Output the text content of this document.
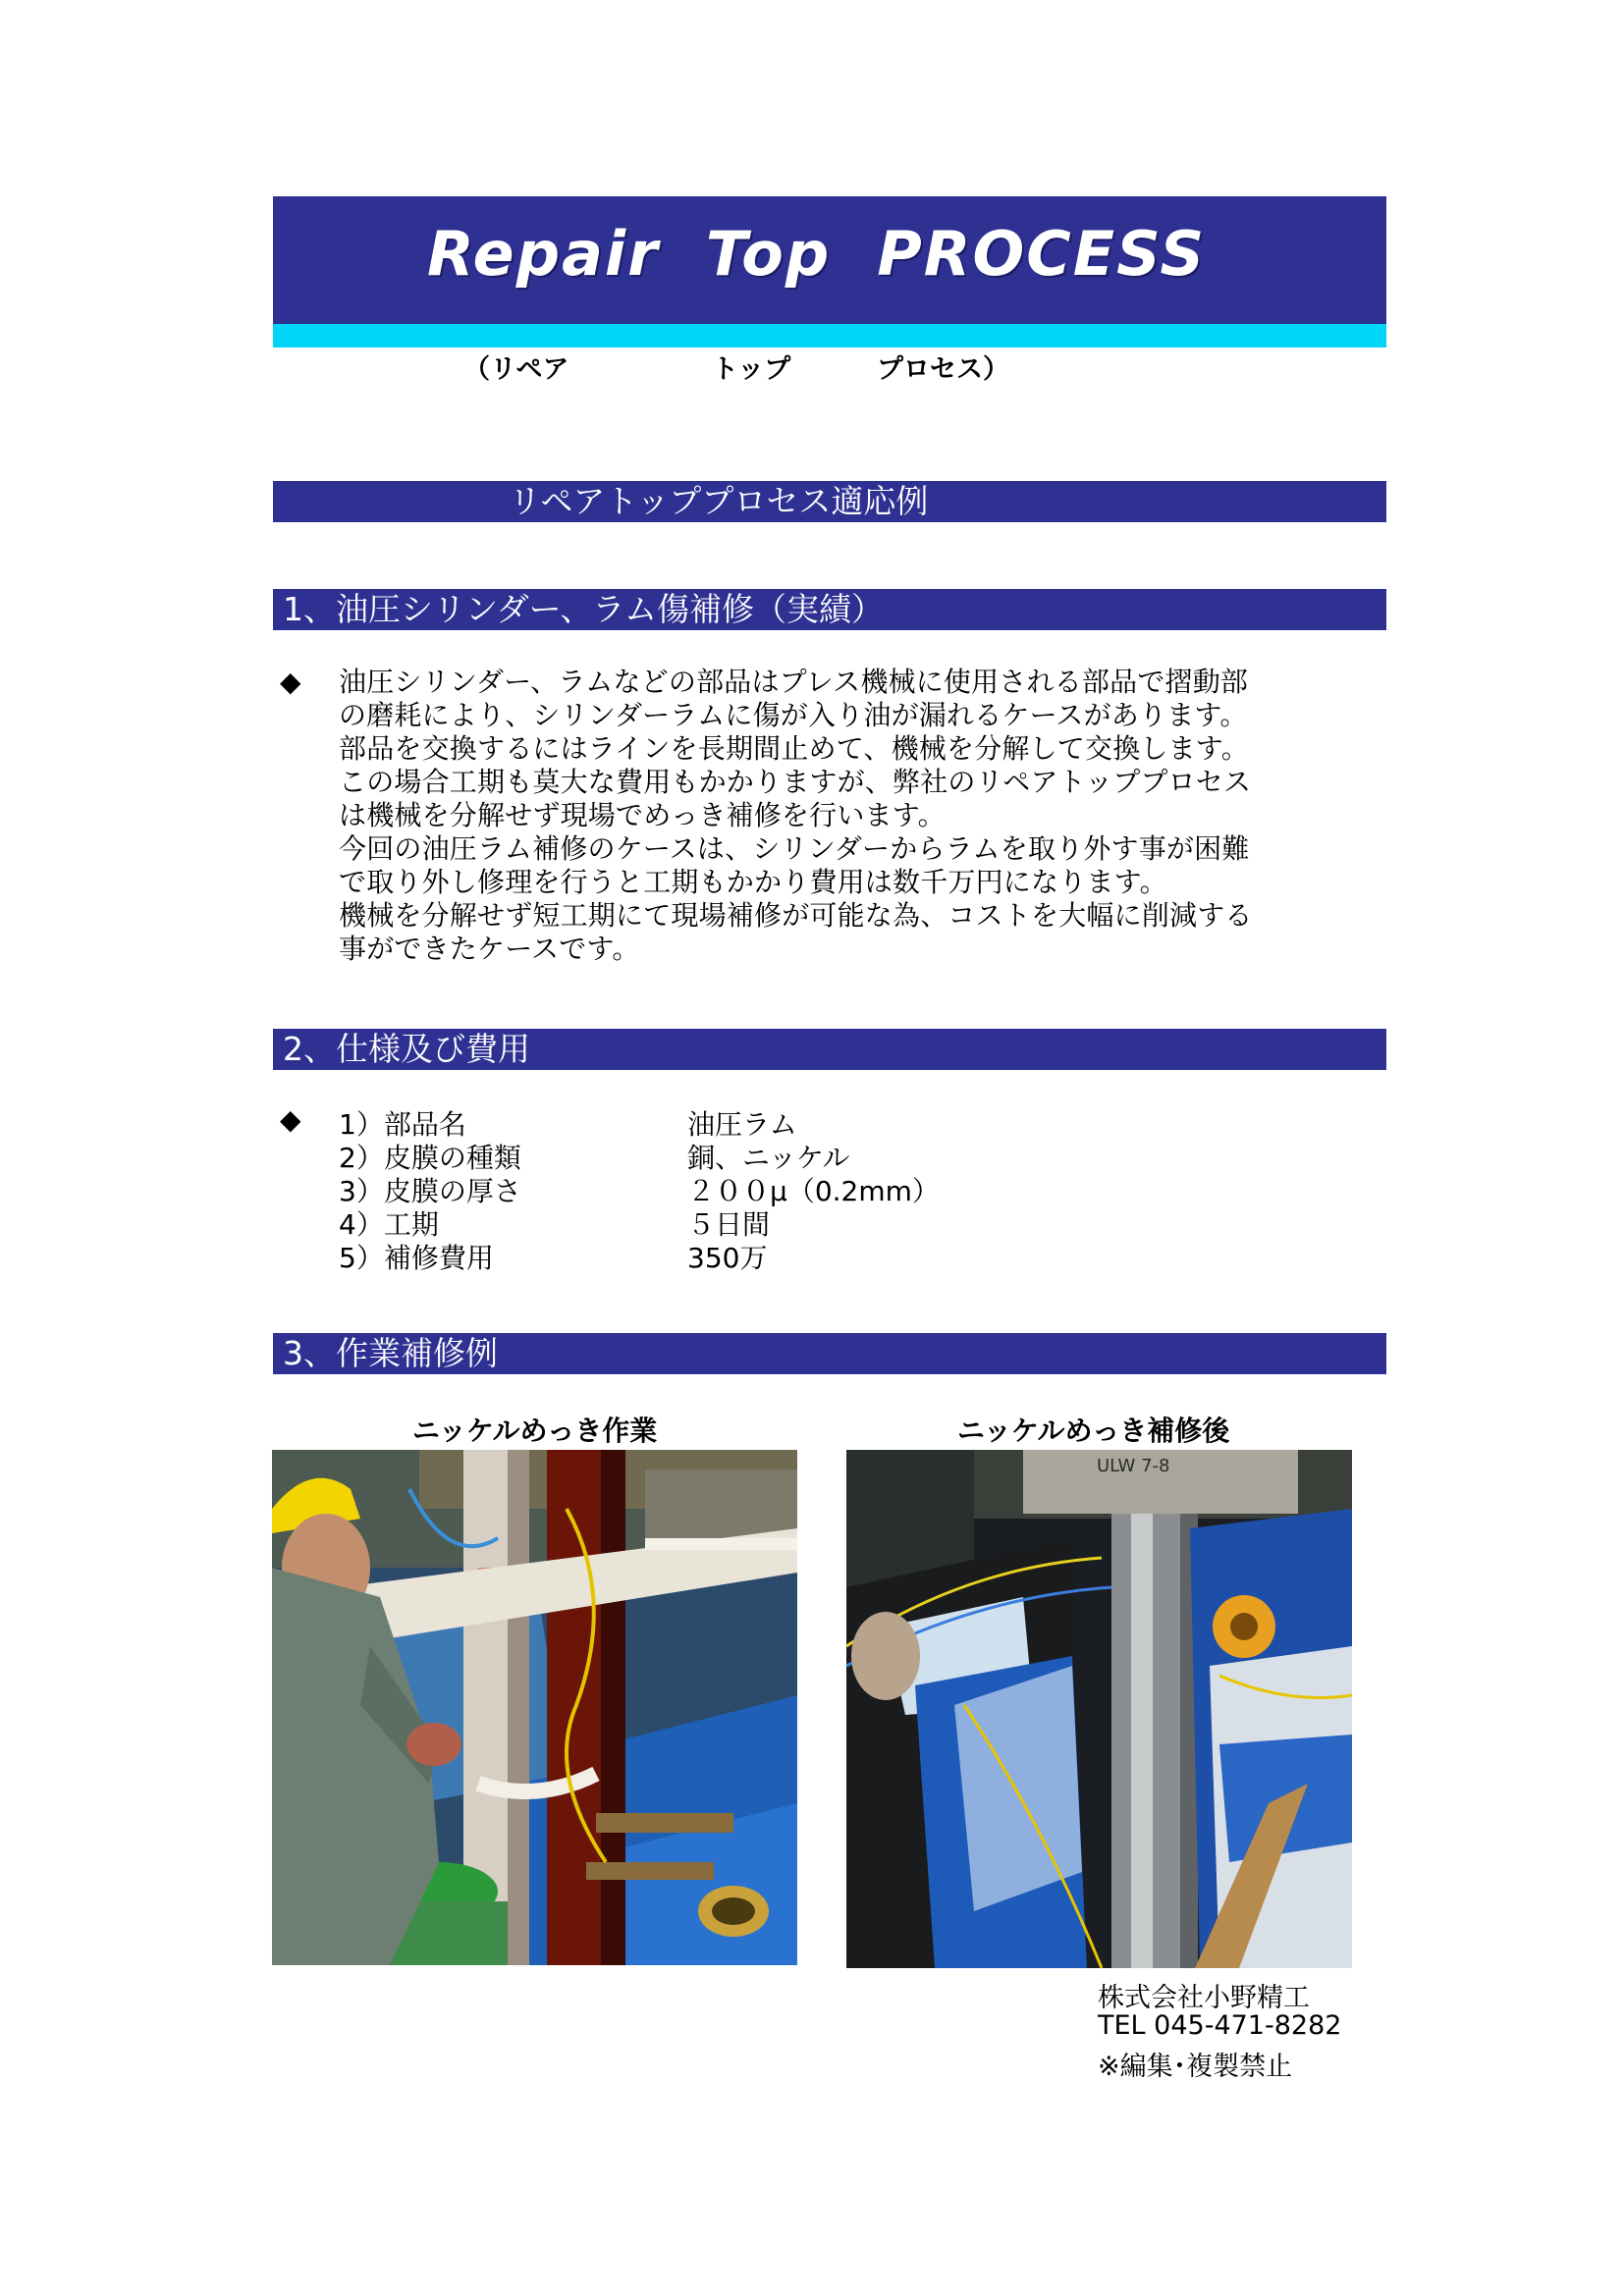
Repair  Top  PROCESS
（リペア	トップ	プロセス）
リペアトッププロセス適応例
1、油圧シリンダー、ラム傷補修（実績）
◆ 油圧シリンダー、ラムなどの部品はプレス機械に使用される部品で摺動部
の磨耗により、シリンダーラムに傷が入り油が漏れるケースがあります。
部品を交換するにはラインを長期間止めて、機械を分解して交換します。
この場合工期も莫大な費用もかかりますが、弊社のリペアトッププロセス
は機械を分解せず現場でめっき補修を行います。
今回の油圧ラム補修のケースは、シリンダーからラムを取り外す事が困難
で取り外し修理を行うと工期もかかり費用は数千万円になります。
機械を分解せず短工期にて現場補修が可能な為、コストを大幅に削減する
事ができたケースです。
2、仕様及び費用
◆ 1）部品名	油圧ラム
2）皮膜の種類	銅、ニッケル
3）皮膜の厚さ	２００μ（0.2mm）
4）工期	５日間
5）補修費用	350万
3、作業補修例
ニッケルめっき作業	ニッケルめっき補修後
ULW 7-8
株式会社小野精工
TEL 045-471-8282
※編集･複製禁止
